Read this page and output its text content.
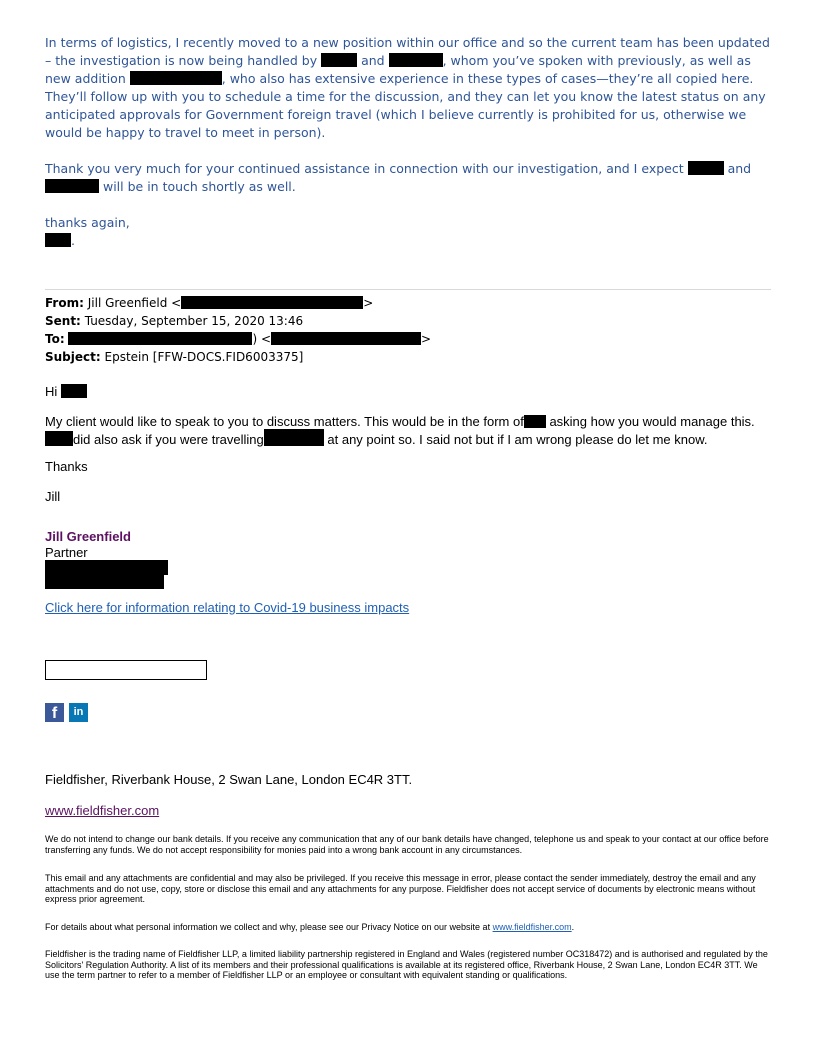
In terms of logistics, I recently moved to a new position within our office and so the current team has been updated – the investigation is now being handled by	and	, whom you’ve spoken with previously, as well as new addition	, who also has extensive experience in these types of cases—they’re all copied here. They’ll follow up with you to schedule a time for the discussion, and they can let you know the latest status on any anticipated approvals for Government foreign travel (which I believe currently is prohibited for us, otherwise we would be happy to travel to meet in person).

Thank you very much for your continued assistance in connection with our investigation, and I expect	and  will be in touch shortly as well.

thanks again,

.

From: Jill Greenfield <	>
Sent: Tuesday, September 15, 2020 13:46
To:	) <	>
Subject: Epstein [FFW-DOCS.FID6003375]
Hi
My client would like to speak to you to discuss matters. This would be in the form of asking how you would manage this. did also ask if you were travelling	at any point so. I said not but if I am wrong please do let me know.
Thanks
Jill
Jill Greenfield
Partner
Click here for information relating to Covid-19 business impacts
f	in
Fieldfisher, Riverbank House, 2 Swan Lane, London EC4R 3TT.
www.fieldfisher.com
We do not intend to change our bank details. If you receive any communication that any of our bank details have changed, telephone us and speak to your contact at our office before transferring any funds. We do not accept responsibility for monies paid into a wrong bank account in any circumstances.
This email and any attachments are confidential and may also be privileged. If you receive this message in error, please contact the sender immediately, destroy the email and any attachments and do not use, copy, store or disclose this email and any attachments for any purpose. Fieldfisher does not accept service of documents by electronic means without express prior agreement.
For details about what personal information we collect and why, please see our Privacy Notice on our website at www.fieldfisher.com.
Fieldfisher is the trading name of Fieldfisher LLP, a limited liability partnership registered in England and Wales (registered number OC318472) and is authorised and regulated by the Solicitors' Regulation Authority. A list of its members and their professional qualifications is available at its registered office, Riverbank House, 2 Swan Lane, London EC4R 3TT. We use the term partner to refer to a member of Fieldfisher LLP or an employee or consultant with equivalent standing or qualifications.
